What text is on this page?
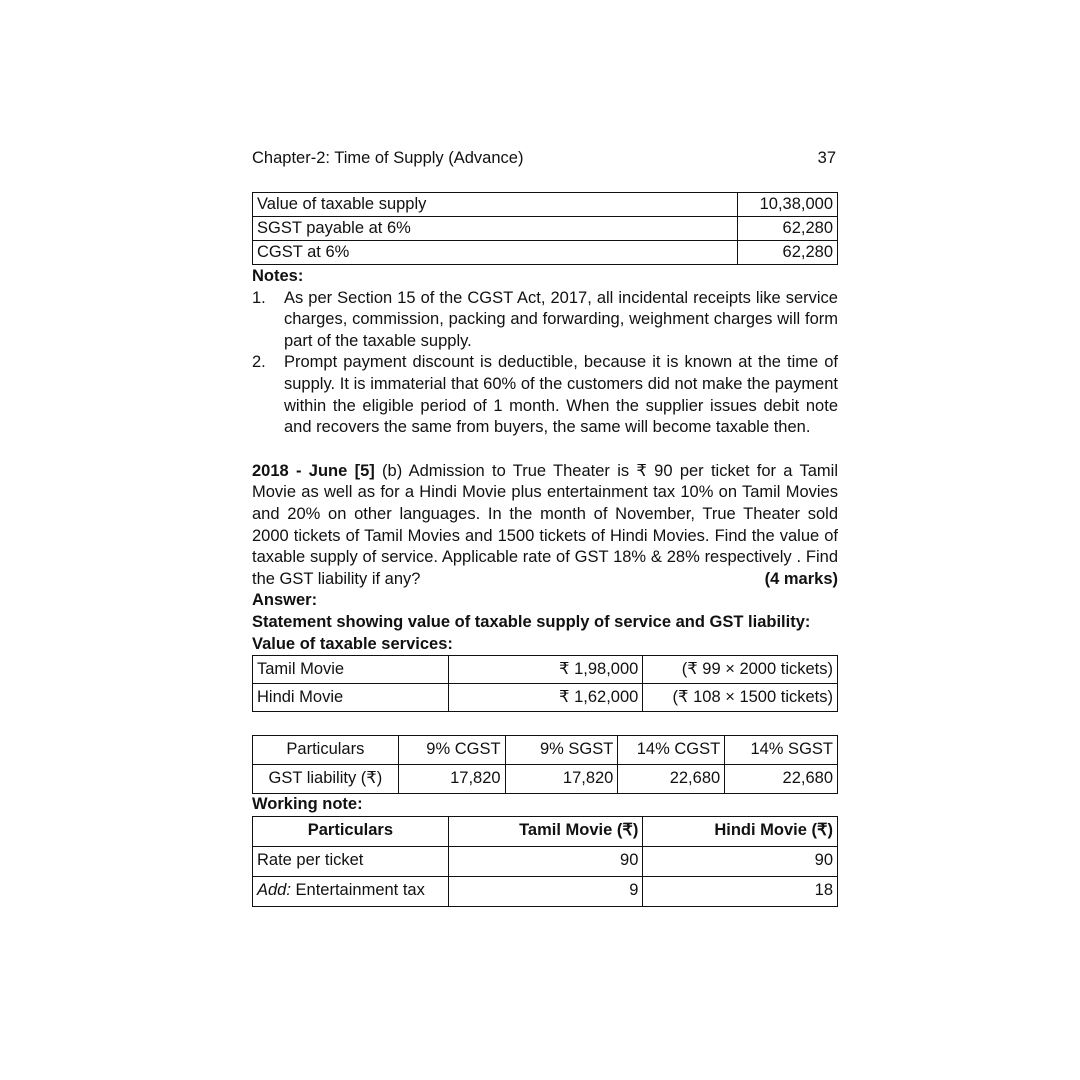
Chapter-2: Time of Supply (Advance)	37
Value of taxable supply	10,38,000
SGST payable at 6%	62,280
CGST at 6%	62,280
Notes:
1.	As per Section 15 of the CGST Act, 2017, all incidental receipts like service charges, commission, packing and forwarding, weighment charges will form part of the taxable supply.
2.	Prompt payment discount is deductible, because it is known at the time of supply. It is immaterial that 60% of the customers did not make the payment within the eligible period of 1 month. When the supplier issues debit note and recovers the same from buyers, the same will become taxable then.
2018 - June [5] (b) Admission to True Theater is ₹ 90 per ticket for a Tamil Movie as well as for a Hindi Movie plus entertainment tax 10% on Tamil Movies and 20% on other languages. In the month of November, True Theater sold 2000 tickets of Tamil Movies and 1500 tickets of Hindi Movies. Find the value of taxable supply of service. Applicable rate of GST 18% & 28% respectively . Find the GST liability if any?	(4 marks)
Answer:
Statement showing value of taxable supply of service and GST liability:
Value of taxable services:
Tamil Movie	₹ 1,98,000	(₹ 99 × 2000 tickets)
Hindi Movie	₹ 1,62,000	(₹ 108 × 1500 tickets)
Particulars	9% CGST	9% SGST	14% CGST	14% SGST
GST liability (₹)	17,820	17,820	22,680	22,680
Working note:
Particulars	Tamil Movie (₹)	Hindi Movie (₹)
Rate per ticket	90	90
Add: Entertainment tax	9	18
